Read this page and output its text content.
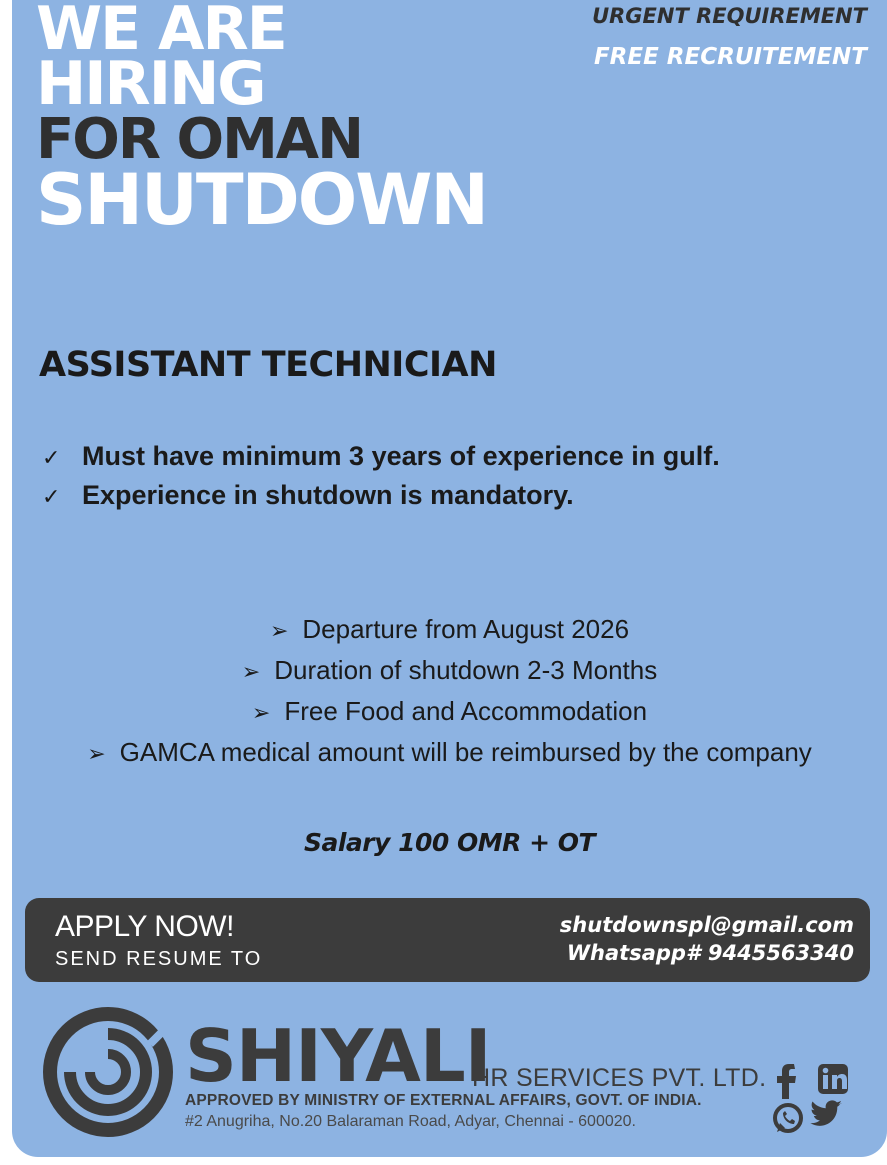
WE ARE
HIRING
FOR OMAN
SHUTDOWN
URGENT REQUIREMENT
FREE RECRUITEMENT
ASSISTANT TECHNICIAN
✓ Must have minimum 3 years of experience in gulf.
✓ Experience in shutdown is mandatory.
➢ Departure from August 2026
➢ Duration of shutdown 2-3 Months
➢ Free Food and Accommodation
➢ GAMCA medical amount will be reimbursed by the company
Salary 100 OMR + OT
APPLY NOW!
SEND RESUME TO
shutdownspl@gmail.com
Whatsapp# 9445563340
SHIYALI
HR SERVICES PVT. LTD.
APPROVED BY MINISTRY OF EXTERNAL AFFAIRS, GOVT. OF INDIA.
#2 Anugriha, No.20 Balaraman Road, Adyar, Chennai - 600020.
